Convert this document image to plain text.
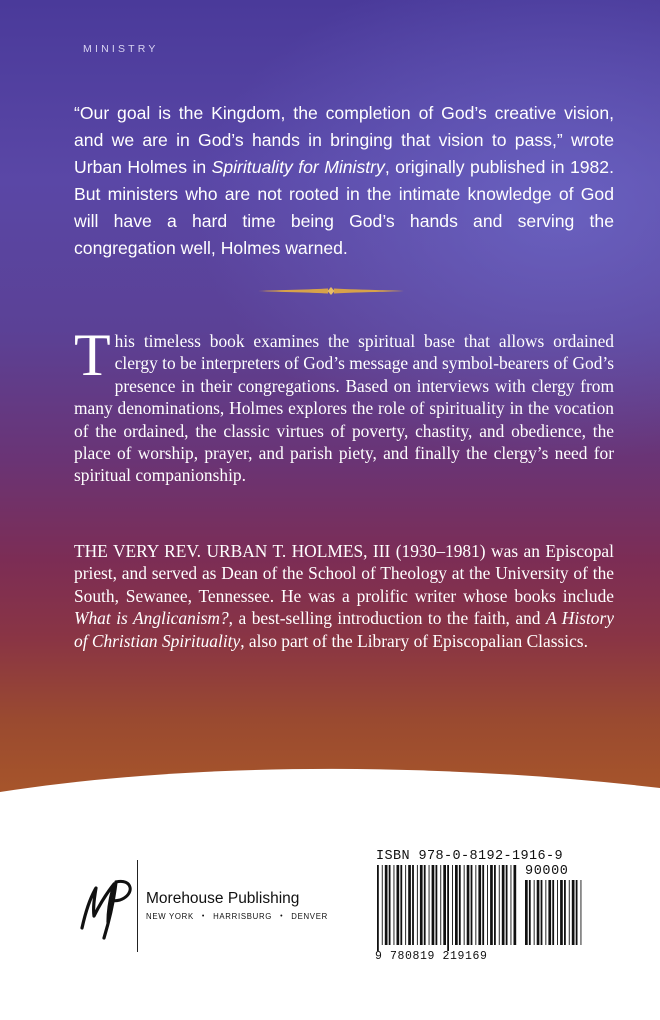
MINISTRY

“Our goal is the Kingdom, the completion of God’s creative vision, and we are in God’s hands in bringing that vision to pass,” wrote Urban Holmes in Spirituality for Ministry, originally published in 1982. But ministers who are not rooted in the intimate knowledge of God will have a hard time being God’s hands and serving the congregation well, Holmes warned.

This timeless book examines the spiritual base that allows ordained clergy to be interpreters of God’s message and symbol-bearers of God’s presence in their congregations. Based on interviews with clergy from many denominations, Holmes explores the role of spirituality in the vocation of the ordained, the classic virtues of poverty, chastity, and obedience, the place of worship, prayer, and parish piety, and finally the clergy’s need for spiritual companionship.

THE VERY REV. URBAN T. HOLMES, III (1930–1981) was an Episcopal priest, and served as Dean of the School of Theology at the University of the South, Sewanee, Tennessee. He was a prolific writer whose books include What is Anglicanism?, a best-selling introduction to the faith, and A History of Christian Spirituality, also part of the Library of Episcopalian Classics.

Morehouse Publishing
NEW YORK • HARRISBURG • DENVER
ISBN 978-0-8192-1916-9
90000
9 780819 219169
